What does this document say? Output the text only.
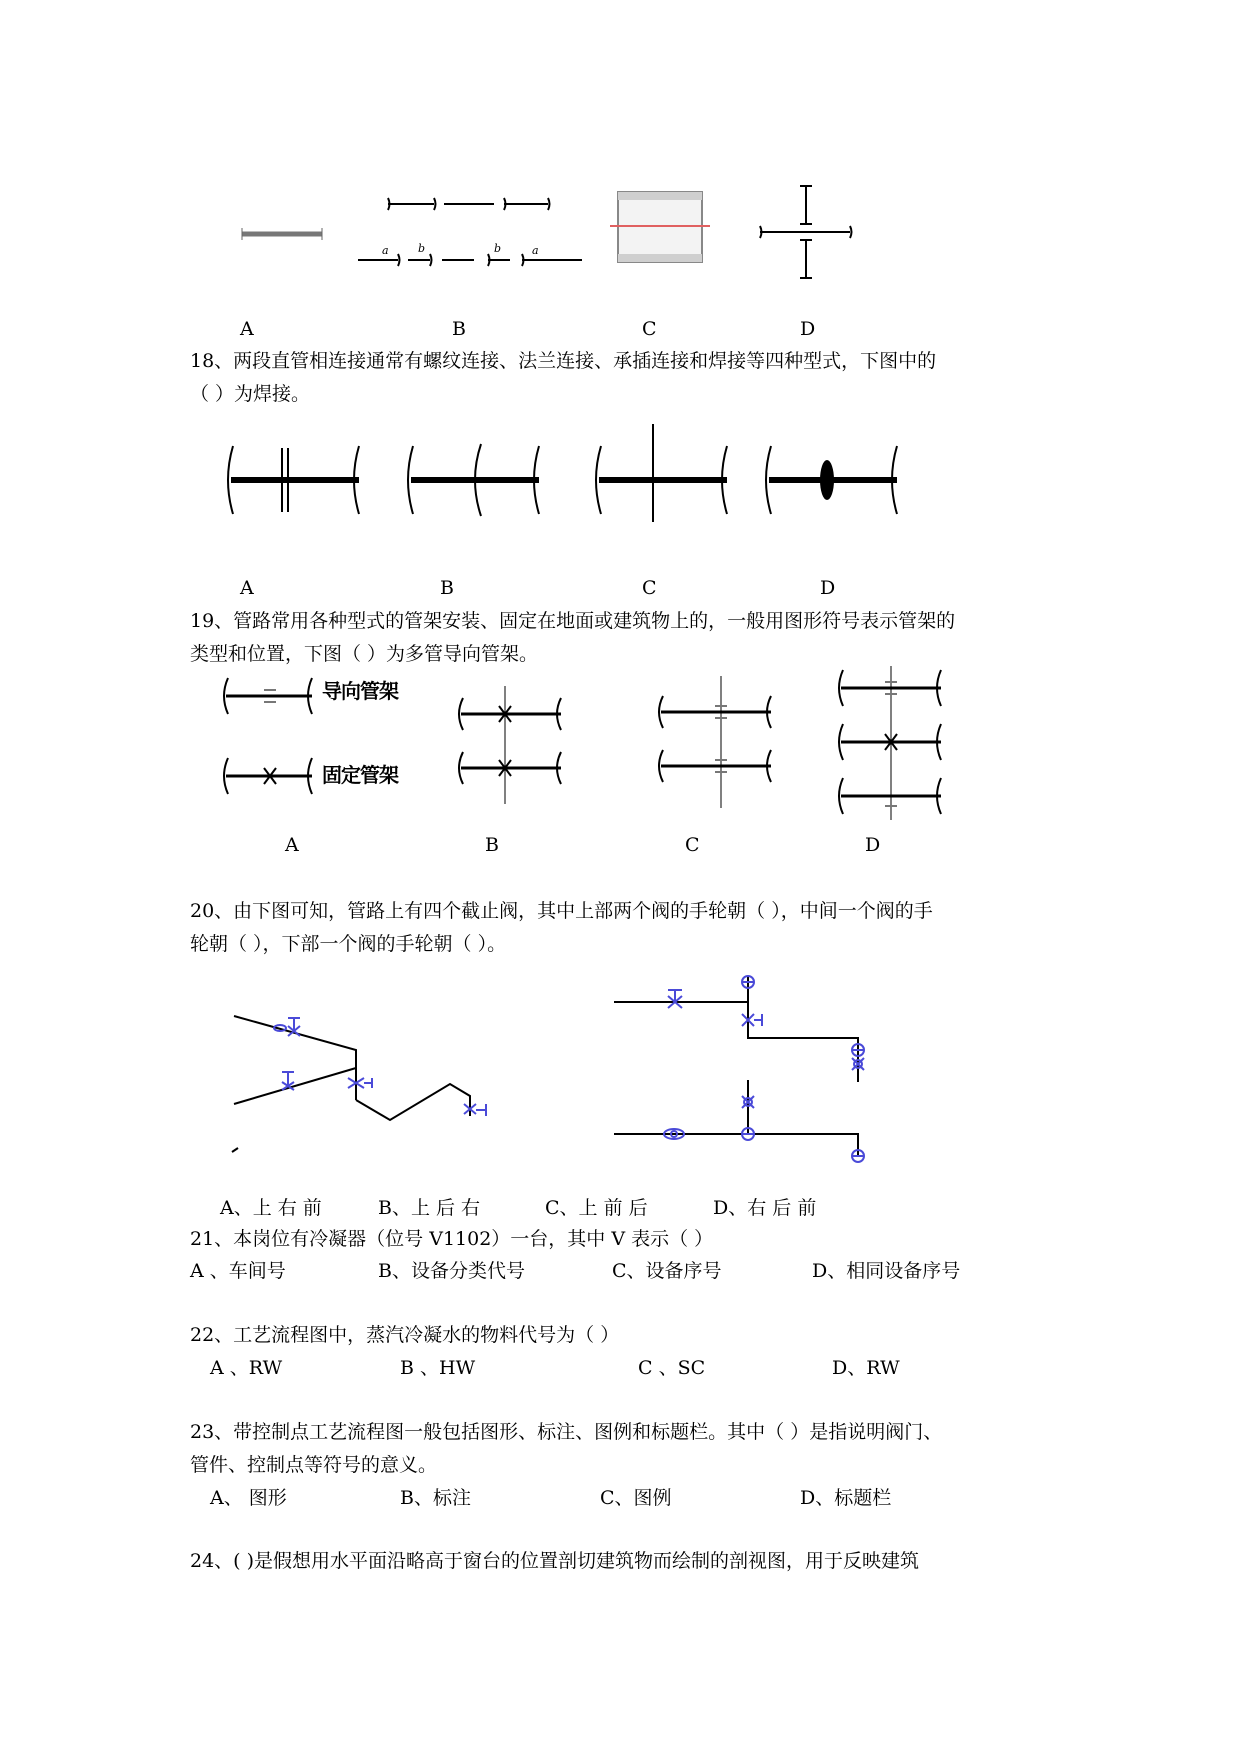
a	b	b	a
A	B	C	D
18、两段直管相连接通常有螺纹连接、法兰连接、承插连接和焊接等四种型式，下图中的
（ ）为焊接。
A	B	C	D
19、管路常用各种型式的管架安装、固定在地面或建筑物上的，一般用图形符号表示管架的
类型和位置，下图（ ）为多管导向管架。
导向管架
固定管架
A	B	C	D
20、由下图可知，管路上有四个截止阀，其中上部两个阀的手轮朝（ ），中间一个阀的手
轮朝（ ），下部一个阀的手轮朝（ ）。
A、上 右 前	B、上 后 右	C、上 前 后	D、右 后 前
21、本岗位有冷凝器（位号 V1102）一台，其中 V 表示（ ）
A 、车间号	B、设备分类代号	C、设备序号	D、相同设备序号
22、工艺流程图中，蒸汽冷凝水的物料代号为（ ）
A 、RW	B 、HW	C 、SC	D、RW
23、带控制点工艺流程图一般包括图形、标注、图例和标题栏。其中（ ）是指说明阀门、
管件、控制点等符号的意义。
A、 图形	B、标注	C、图例	D、标题栏
24、( )是假想用水平面沿略高于窗台的位置剖切建筑物而绘制的剖视图，用于反映建筑
